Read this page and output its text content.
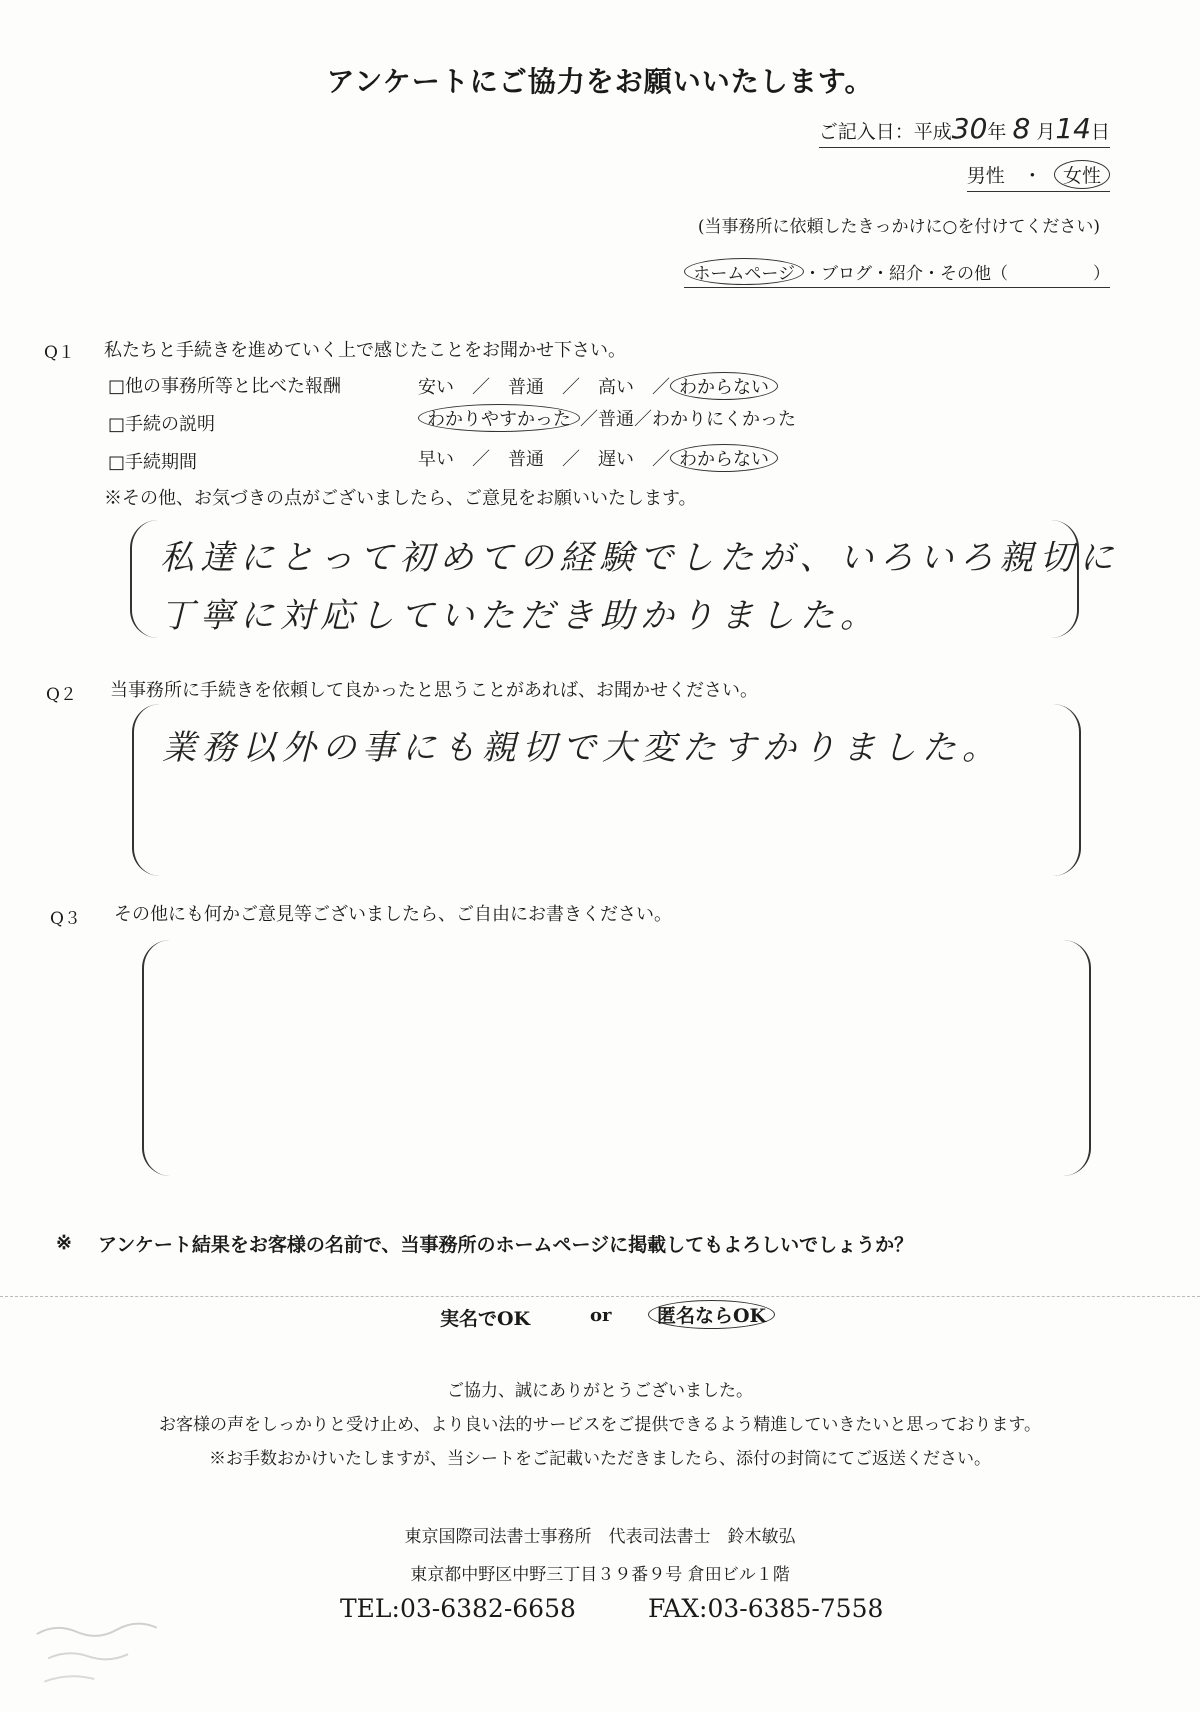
アンケートにご協力をお願いいたします。
ご記入日：平成30年 8 月14日
男性 ・ 女性
(当事務所に依頼したきっかけに○を付けてください)
ホームページ ・ブログ・紹介・その他（　　　　　）
Q１ 私たちと手続きを進めていく上で感じたことをお聞かせ下さい。
□他の事務所等と比べた報酬	安い　／　普通　／　高い　／ わからない
□手続の説明	わかりやすかった ／普通／わかりにくかった
□手続期間	早い　／　普通　／　遅い　／ わからない
※その他、お気づきの点がございましたら、ご意見をお願いいたします。
私達にとって初めての経験でしたが、いろいろ親切に
丁寧に対応していただき助かりました。
Q２ 当事務所に手続きを依頼して良かったと思うことがあれば、お聞かせください。
業務以外の事にも親切で大変たすかりました。
Q３ その他にも何かご意見等ございましたら、ご自由にお書きください。
※ アンケート結果をお客様の名前で、当事務所のホームページに掲載してもよろしいでしょうか？
実名でOK	or	匿名ならOK
ご協力、誠にありがとうございました。
お客様の声をしっかりと受け止め、より良い法的サービスをご提供できるよう精進していきたいと思っております。
※お手数おかけいたしますが、当シートをご記載いただきましたら、添付の封筒にてご返送ください。
東京国際司法書士事務所　代表司法書士　鈴木敏弘
東京都中野区中野三丁目３９番９号 倉田ビル１階
TEL:03-6382-6658	FAX:03-6385-7558
